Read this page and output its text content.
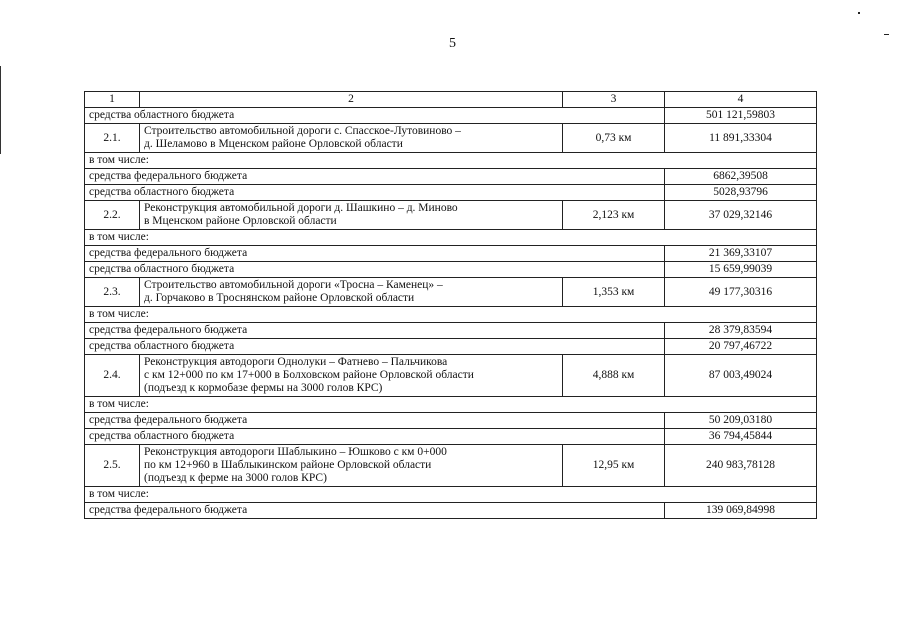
5
1	2	3	4
средства областного бюджета			501 121,59803
2.1.	Строительство автомобильной дороги с. Спасское-Лутовиново –
д. Шеламово в Мценском районе Орловской области	0,73 км	11 891,33304
в том числе:			
средства федерального бюджета			6862,39508
средства областного бюджета			5028,93796
2.2.	Реконструкция автомобильной дороги д. Шашкино – д. Миново
в Мценском районе Орловской области	2,123 км	37 029,32146
в том числе:			
средства федерального бюджета			21 369,33107
средства областного бюджета			15 659,99039
2.3.	Строительство автомобильной дороги «Тросна – Каменец» –
д. Горчаково в Троснянском районе Орловской области	1,353 км	49 177,30316
в том числе:			
средства федерального бюджета			28 379,83594
средства областного бюджета			20 797,46722
2.4.	Реконструкция автодороги Однолуки – Фатнево – Пальчикова
с км 12+000 по км 17+000 в Болховском районе Орловской области
(подъезд к кормобазе фермы на 3000 голов КРС)	4,888 км	87 003,49024
в том числе:			
средства федерального бюджета			50 209,03180
средства областного бюджета			36 794,45844
2.5.	Реконструкция автодороги Шаблыкино – Юшково с км 0+000
по км 12+960 в Шаблыкинском районе Орловской области
(подъезд к ферме на 3000 голов КРС)	12,95 км	240 983,78128
в том числе:			
средства федерального бюджета			139 069,84998
